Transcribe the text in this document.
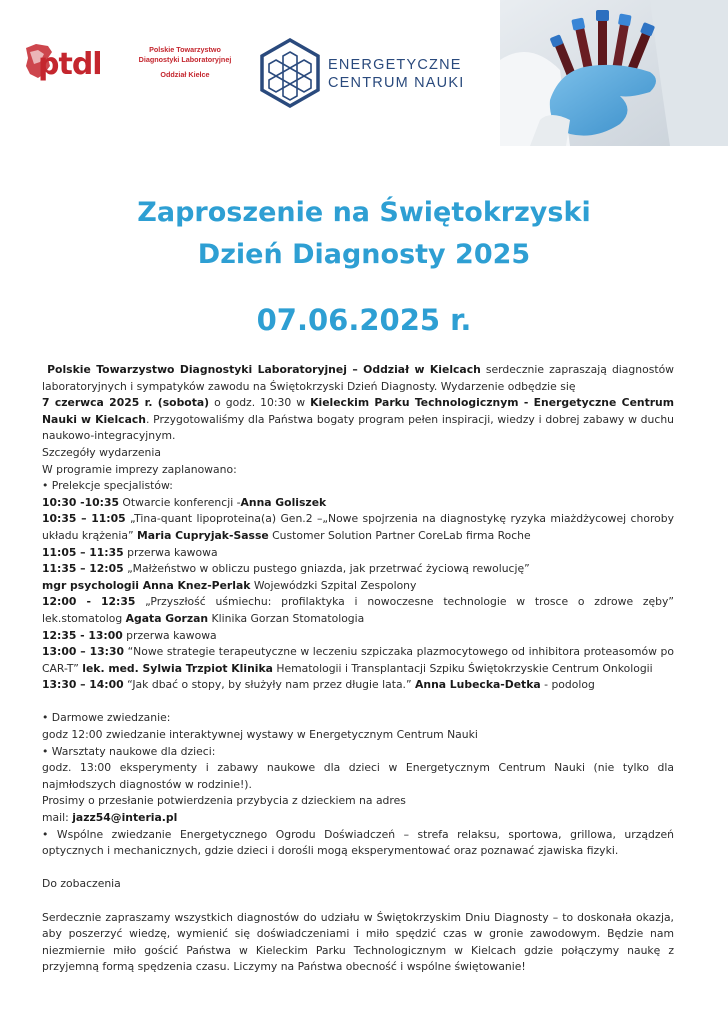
ptdl	Polskie Towarzystwo
Diagnostyki Laboratoryjnej
Oddział Kielce
ENERGETYCZNE
CENTRUM NAUKI
Zaproszenie na Świętokrzyski
Dzień Diagnosty 2025
07.06.2025 r.

Polskie Towarzystwo Diagnostyki Laboratoryjnej – Oddział w Kielcach serdecznie zapraszają diagnostów laboratoryjnych i sympatyków zawodu na Świętokrzyski Dzień Diagnosty. Wydarzenie odbędzie się

7 czerwca 2025 r. (sobota) o godz. 10:30 w Kieleckim Parku Technologicznym - Energetyczne Centrum Nauki w Kielcach. Przygotowaliśmy dla Państwa bogaty program pełen inspiracji, wiedzy i dobrej zabawy w duchu naukowo-integracyjnym.

Szczegóły wydarzenia

W programie imprezy zaplanowano:

• Prelekcje specjalistów:

10:30 -10:35 Otwarcie konferencji -Anna Goliszek

10:35 – 11:05 „Tina-quant lipoproteina(a) Gen.2 –„Nowe spojrzenia na diagnostykę ryzyka miażdżycowej choroby układu krążenia” Maria Cupryjak-Sasse Customer Solution Partner CoreLab firma Roche

11:05 – 11:35 przerwa kawowa

11:35 – 12:05 „Małżeństwo w obliczu pustego gniazda, jak przetrwać życiową rewolucję”

mgr psychologii Anna Knez-Perlak Wojewódzki Szpital Zespolony

12:00 - 12:35 „Przyszłość uśmiechu: profilaktyka i nowoczesne technologie w trosce o zdrowe zęby” lek.stomatolog Agata Gorzan Klinika Gorzan Stomatologia

12:35 - 13:00 przerwa kawowa

13:00 – 13:30 “Nowe strategie terapeutyczne w leczeniu szpiczaka plazmocytowego od inhibitora proteasomów po CAR-T” lek. med. Sylwia Trzpiot Klinika Hematologii i Transplantacji Szpiku Świętokrzyskie Centrum Onkologii

13:30 – 14:00 “Jak dbać o stopy, by służyły nam przez długie lata.” Anna Lubecka-Detka - podolog

• Darmowe zwiedzanie:

godz 12:00 zwiedzanie interaktywnej wystawy w Energetycznym Centrum Nauki

• Warsztaty naukowe dla dzieci:

godz. 13:00 eksperymenty i zabawy naukowe dla dzieci w Energetycznym Centrum Nauki (nie tylko dla najmłodszych diagnostów w rodzinie!).

Prosimy o przesłanie potwierdzenia przybycia z dzieckiem na adres

mail: jazz54@interia.pl

• Wspólne zwiedzanie Energetycznego Ogrodu Doświadczeń – strefa relaksu, sportowa, grillowa, urządzeń optycznych i mechanicznych, gdzie dzieci i dorośli mogą eksperymentować oraz poznawać zjawiska fizyki.

Do zobaczenia

Serdecznie zapraszamy wszystkich diagnostów do udziału w Świętokrzyskim Dniu Diagnosty – to doskonała okazja, aby poszerzyć wiedzę, wymienić się doświadczeniami i miło spędzić czas w gronie zawodowym. Będzie nam niezmiernie miło gościć Państwa w Kieleckim Parku Technologicznym w Kielcach gdzie połączymy naukę z przyjemną formą spędzenia czasu. Liczymy na Państwa obecność i wspólne świętowanie!
